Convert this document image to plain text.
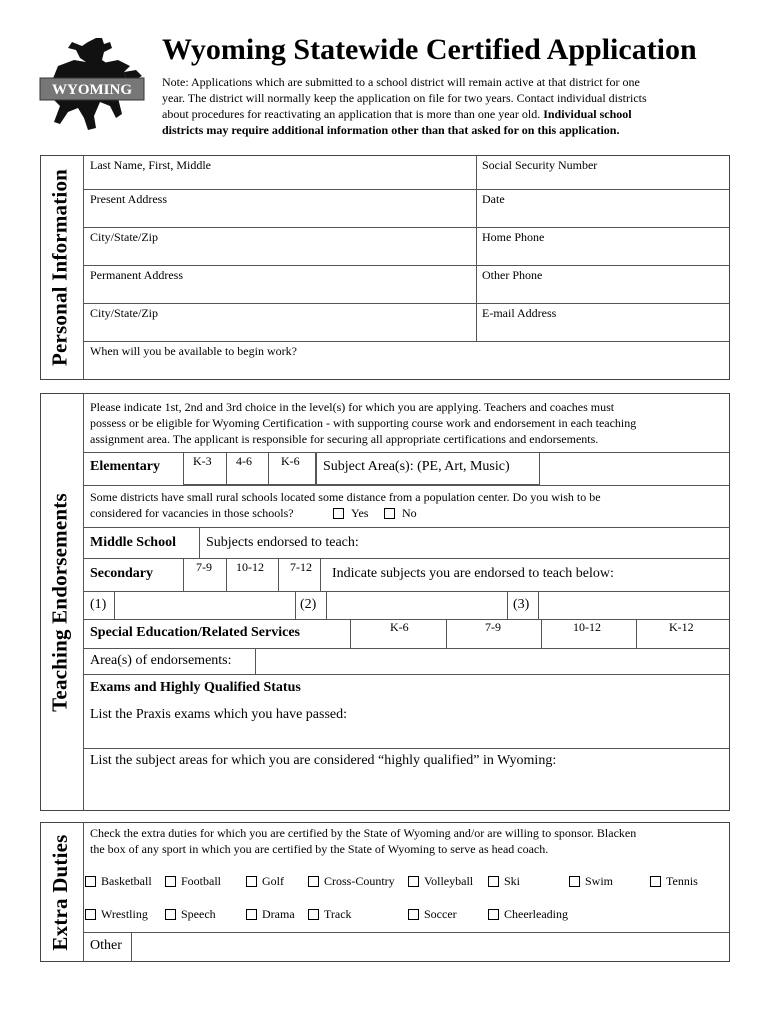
WYOMING
Wyoming Statewide Certified Application
Note: Applications which are submitted to a school district will remain active at that district for one
year. The district will normally keep the application on file for two years. Contact individual districts
about procedures for reactivating an application that is more than one year old. Individual school
districts may require additional information other than that asked for on this application.
Personal Information
Last Name, First, Middle	Social Security Number
Present Address	Date
City/State/Zip	Home Phone
Permanent Address	Other Phone
City/State/Zip	E-mail Address
When will you be available to begin work?
Teaching Endorsements
Please indicate 1st, 2nd and 3rd choice in the level(s) for which you are applying. Teachers and coaches must
possess or be eligible for Wyoming Certification - with supporting course work and endorsement in each teaching
assignment area. The applicant is responsible for securing all appropriate certifications and endorsements.
Elementary	K-3 4-6 K-6 Subject Area(s): (PE, Art, Music)
Some districts have small rural schools located some distance from a population center. Do you wish to be
considered for vacancies in those schools?	Yes	No
Middle School Subjects endorsed to teach:
Secondary	7-9 10-12 7-12 Indicate subjects you are endorsed to teach below:
(1)	(2)	(3)
Special Education/Related Services	K-6	7-9	10-12	K-12
Area(s) of endorsements:
Exams and Highly Qualified Status
List the Praxis exams which you have passed:
List the subject areas for which you are considered “highly qualified” in Wyoming:
Extra Duties
Check the extra duties for which you are certified by the State of Wyoming and/or are willing to sponsor. Blacken
the box of any sport in which you are certified by the State of Wyoming to serve as head coach.
Basketball Football	Golf	Cross-Country Volleyball	Ski	Swim	Tennis
Wrestling	Speech	Drama Track	Soccer	Cheerleading
Other
